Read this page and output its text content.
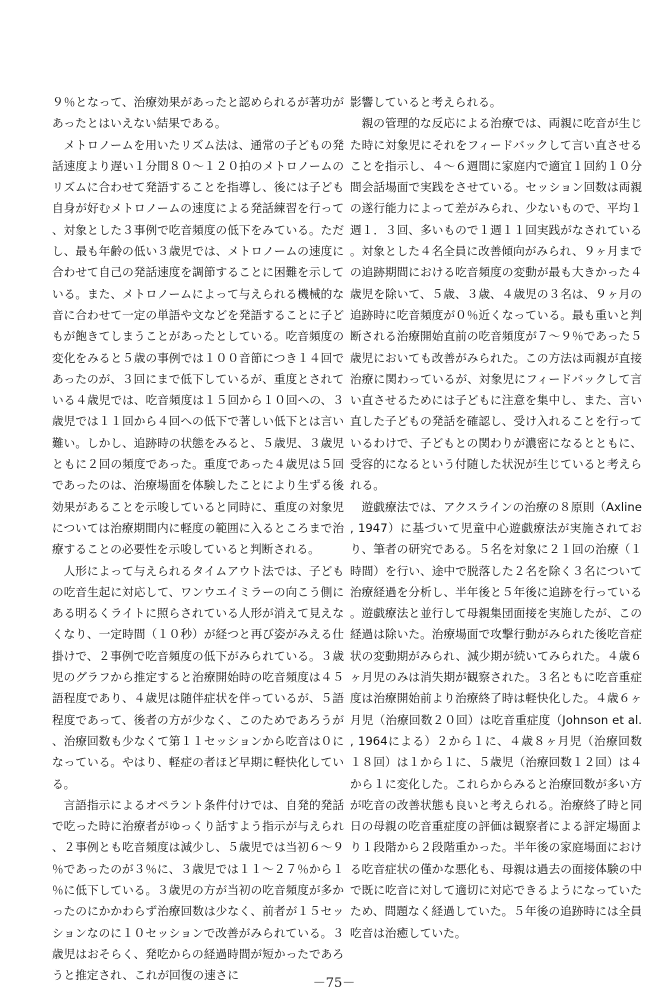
９％となって、治療効果があったと認められるが著功があったとはいえない結果である。

メトロノームを用いたリズム法は、通常の子どもの発話速度より遅い１分間８０～１２０拍のメトロノームのリズムに合わせて発語することを指導し、後には子ども自身が好むメトロノームの速度による発話練習を行って、対象とした３事例で吃音頻度の低下をみている。ただし、最も年齢の低い３歳児では、メトロノームの速度に合わせて自己の発話速度を調節することに困難を示している。また、メトロノームによって与えられる機械的な音に合わせて一定の単語や文などを発語することに子どもが飽きてしまうことがあったとしている。吃音頻度の変化をみると５歳の事例では１００音節につき１４回であったのが、３回にまで低下しているが、重度とされている４歳児では、吃音頻度は１５回から１０回への、３歳児では１１回から４回への低下で著しい低下とは言い難い。しかし、追跡時の状態をみると、５歳児、３歳児ともに２回の頻度であった。重度であった４歳児は５回であったのは、治療場面を体験したことにより生ずる後効果があることを示唆していると同時に、重度の対象児については治療期間内に軽度の範囲に入るところまで治療することの必要性を示唆していると判断される。

人形によって与えられるタイムアウト法では、子どもの吃音生起に対応して、ワンウエイミラーの向こう側にある明るくライトに照らされている人形が消えて見えなくなり、一定時間（１０秒）が経つと再び姿がみえる仕掛けで、２事例で吃音頻度の低下がみられている。３歳児のグラフから推定すると治療開始時の吃音頻度は４５語程度であり、４歳児は随伴症状を伴っているが、５語程度であって、後者の方が少なく、このためであろうが、治療回数も少なくて第１１セッションから吃音は０になっている。やはり、軽症の者ほど早期に軽快化している。

言語指示によるオペラント条件付けでは、自発的発話で吃った時に治療者がゆっくり話すよう指示が与えられ、２事例とも吃音頻度は減少し、５歳児では当初６～９％であったのが３％に、３歳児では１１～２７％から１％に低下している。３歳児の方が当初の吃音頻度が多かったのにかかわらず治療回数は少なく、前者が１５セッションなのに１０セッションで改善がみられている。３歳児はおそらく、発吃からの経過時間が短かったであろうと推定され、これが回復の速さに

影響していると考えられる。

親の管理的な反応による治療では、両親に吃音が生じた時に対象児にそれをフィードバックして言い直させることを指示し、４～６週間に家庭内で適宜１回約１０分間会話場面で実践をさせている。セッション回数は両親の遂行能力によって差がみられ、少ないもので、平均１週１．３回、多いもので１週１１回実践がなされている。対象とした４名全員に改善傾向がみられ、９ヶ月までの追跡期間における吃音頻度の変動が最も大きかった４歳児を除いて、５歳、３歳、４歳児の３名は、９ヶ月の追跡時に吃音頻度が０％近くなっている。最も重いと判断される治療開始直前の吃音頻度が７～９％であった５歳児においても改善がみられた。この方法は両親が直接治療に関わっているが、対象児にフィードバックして言い直させるためには子どもに注意を集中し、また、言い直した子どもの発話を確認し、受け入れることを行っているわけで、子どもとの関わりが濃密になるとともに、受容的になるという付随した状況が生じていると考えられる。

遊戯療法では、アクスラインの治療の８原則（Axline, 1947）に基づいて児童中心遊戯療法が実施されており、筆者の研究である。５名を対象に２１回の治療（１時間）を行い、途中で脱落した２名を除く３名について治療経過を分析し、半年後と５年後に追跡を行っている。遊戯療法と並行して母親集団面接を実施したが、この経過は除いた。治療場面で攻撃行動がみられた後吃音症状の変動期がみられ、減少期が続いてみられた。４歳６ヶ月児のみは消失期が観察された。３名ともに吃音重症度は治療開始前より治療終了時は軽快化した。４歳６ヶ月児（治療回数２０回）は吃音重症度（Johnson et al., 1964による）２から１に、４歳８ヶ月児（治療回数１８回）は１から１に、５歳児（治療回数１２回）は４から１に変化した。これらからみると治療回数が多い方が吃音の改善状態も良いと考えられる。治療終了時と同日の母親の吃音重症度の評価は観察者による評定場面より１段階から２段階重かった。半年後の家庭場面における吃音症状の僅かな悪化も、母親は過去の面接体験の中で既に吃音に対して適切に対応できるようになっていたため、問題なく経過していた。５年後の追跡時には全員吃音は治癒していた。

－75－
